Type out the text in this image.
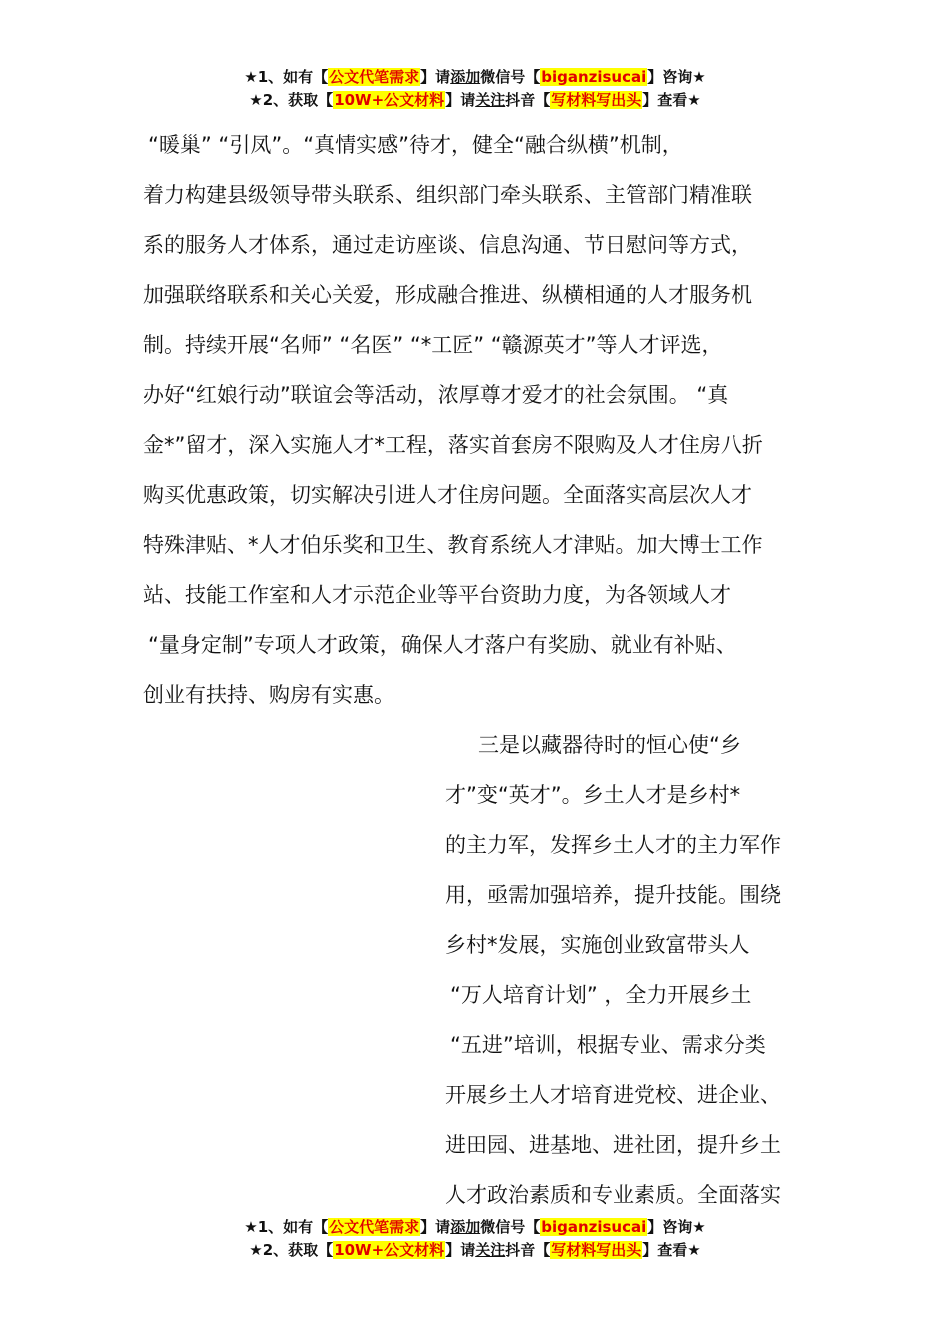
★1、如有【公文代笔需求】请添加微信号【biganzisucai】咨询★
★2、获取【10W+公文材料】请关注抖音【写材料写出头】查看★
“暖巢” “引凤”。“真情实感”待才，健全“融合纵横”机制，
着力构建县级领导带头联系、组织部门牵头联系、主管部门精准联
系的服务人才体系，通过走访座谈、信息沟通、节日慰问等方式，
加强联络联系和关心关爱，形成融合推进、纵横相通的人才服务机
制。持续开展“名师” “名医” “*工匠” “赣源英才”等人才评选，
办好“红娘行动”联谊会等活动，浓厚尊才爱才的社会氛围。 “真
金*”留才，深入实施人才*工程，落实首套房不限购及人才住房八折
购买优惠政策，切实解决引进人才住房问题。全面落实高层次人才
特殊津贴、*人才伯乐奖和卫生、教育系统人才津贴。加大博士工作
站、技能工作室和人才示范企业等平台资助力度，为各领域人才
“量身定制”专项人才政策，确保人才落户有奖励、就业有补贴、
创业有扶持、购房有实惠。
三是以藏器待时的恒心使“乡
才”变“英才”。乡土人才是乡村*
的主力军，发挥乡土人才的主力军作
用，亟需加强培养，提升技能。围绕
乡村*发展，实施创业致富带头人
“万人培育计划” ，全力开展乡土
“五进”培训，根据专业、需求分类
开展乡土人才培育进党校、进企业、
进田园、进基地、进社团，提升乡土
人才政治素质和专业素质。全面落实
★1、如有【公文代笔需求】请添加微信号【biganzisucai】咨询★
★2、获取【10W+公文材料】请关注抖音【写材料写出头】查看★
